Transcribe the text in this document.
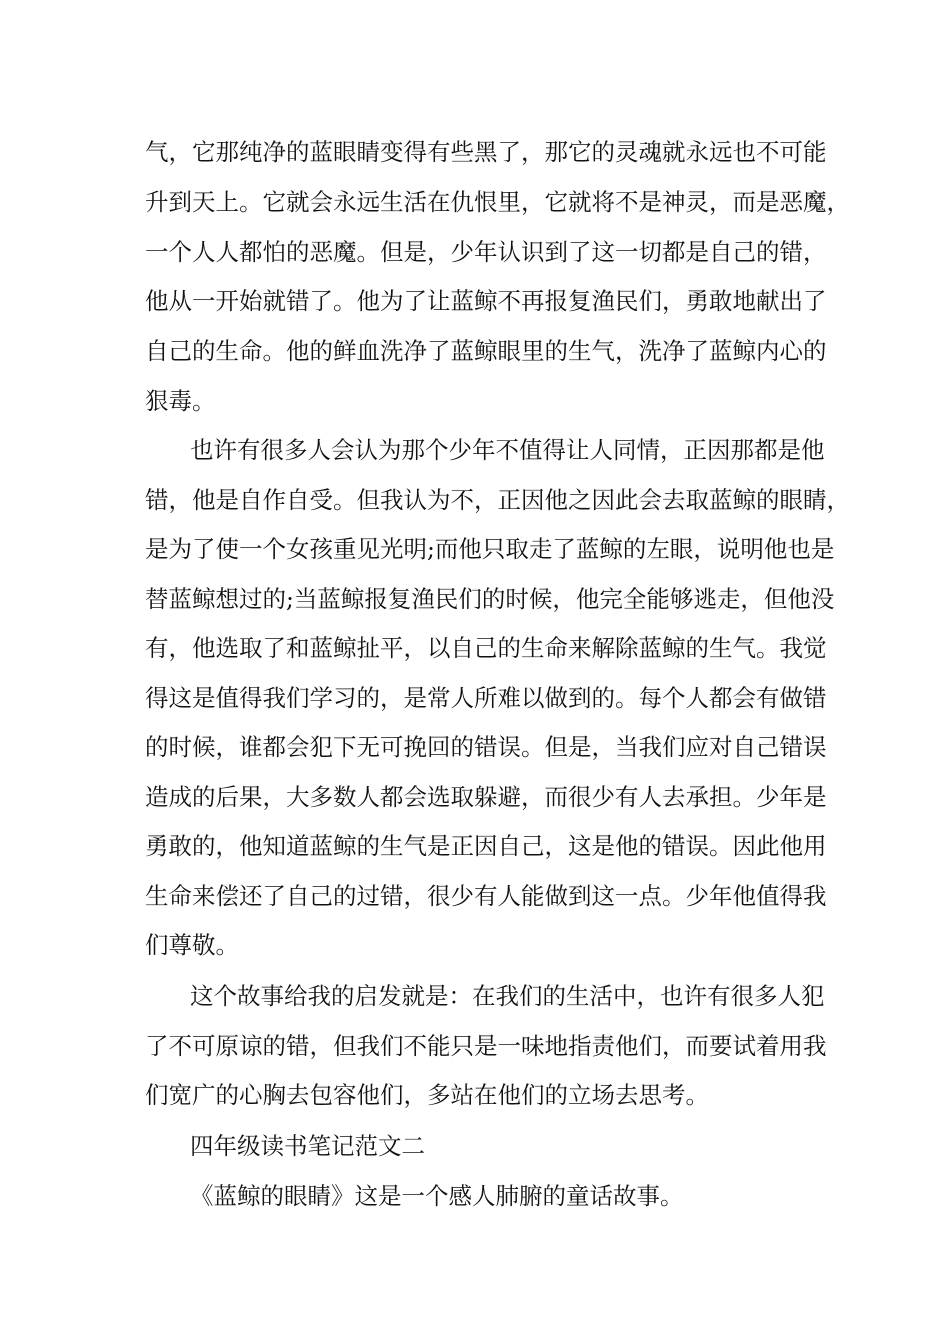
气，它那纯净的蓝眼睛变得有些黑了，那它的灵魂就永远也不可能

升到天上。它就会永远生活在仇恨里，它就将不是神灵，而是恶魔，

一个人人都怕的恶魔。但是，少年认识到了这一切都是自己的错，

他从一开始就错了。他为了让蓝鲸不再报复渔民们，勇敢地献出了

自己的生命。他的鲜血洗净了蓝鲸眼里的生气，洗净了蓝鲸内心的

狠毒。

也许有很多人会认为那个少年不值得让人同情，正因那都是他

错，他是自作自受。但我认为不，正因他之因此会去取蓝鲸的眼睛，

是为了使一个女孩重见光明;而他只取走了蓝鲸的左眼，说明他也是

替蓝鲸想过的;当蓝鲸报复渔民们的时候，他完全能够逃走，但他没

有，他选取了和蓝鲸扯平，以自己的生命来解除蓝鲸的生气。我觉

得这是值得我们学习的，是常人所难以做到的。每个人都会有做错

的时候，谁都会犯下无可挽回的错误。但是，当我们应对自己错误

造成的后果，大多数人都会选取躲避，而很少有人去承担。少年是

勇敢的，他知道蓝鲸的生气是正因自己，这是他的错误。因此他用

生命来偿还了自己的过错，很少有人能做到这一点。少年他值得我

们尊敬。

这个故事给我的启发就是：在我们的生活中，也许有很多人犯

了不可原谅的错，但我们不能只是一味地指责他们，而要试着用我

们宽广的心胸去包容他们，多站在他们的立场去思考。

四年级读书笔记范文二

《蓝鲸的眼睛》这是一个感人肺腑的童话故事。
